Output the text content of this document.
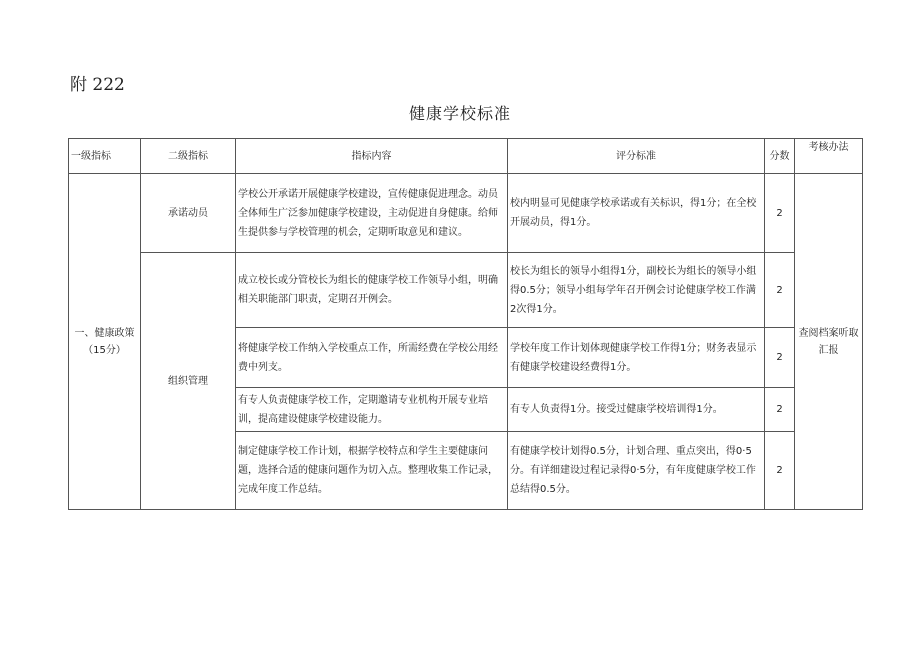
附 222
健康学校标准
一级指标	二级指标	指标内容	评分标准	分数	考核办法

一、健康政策
（15分）	承诺动员	学校公开承诺开展健康学校建设，宣传健康促进理念。动员全体师生广泛参加健康学校建设，主动促进自身健康。给师生提供参与学校管理的机会，定期听取意见和建议。	校内明显可见健康学校承诺或有关标识，得1分；在全校开展动员，得1分。	2	查阅档案听取汇报
	组织管理	成立校长或分管校长为组长的健康学校工作领导小组，明确相关职能部门职责，定期召开例会。	校长为组长的领导小组得1分，副校长为组长的领导小组得0.5分；领导小组每学年召开例会讨论健康学校工作满2次得1分。	2	
		将健康学校工作纳入学校重点工作，所需经费在学校公用经费中列支。	学校年度工作计划体现健康学校工作得1分；财务表显示有健康学校建设经费得1分。	2	
		有专人负责健康学校工作，定期邀请专业机构开展专业培训，提高建设健康学校建设能力。	有专人负责得1分。接受过健康学校培训得1分。	2	
		制定健康学校工作计划，根据学校特点和学生主要健康问题，选择合适的健康问题作为切入点。整理收集工作记录，完成年度工作总结。	有健康学校计划得0.5分，计划合理、重点突出，得0·5分。有详细建设过程记录得0·5分，有年度健康学校工作总结得0.5分。	2	
